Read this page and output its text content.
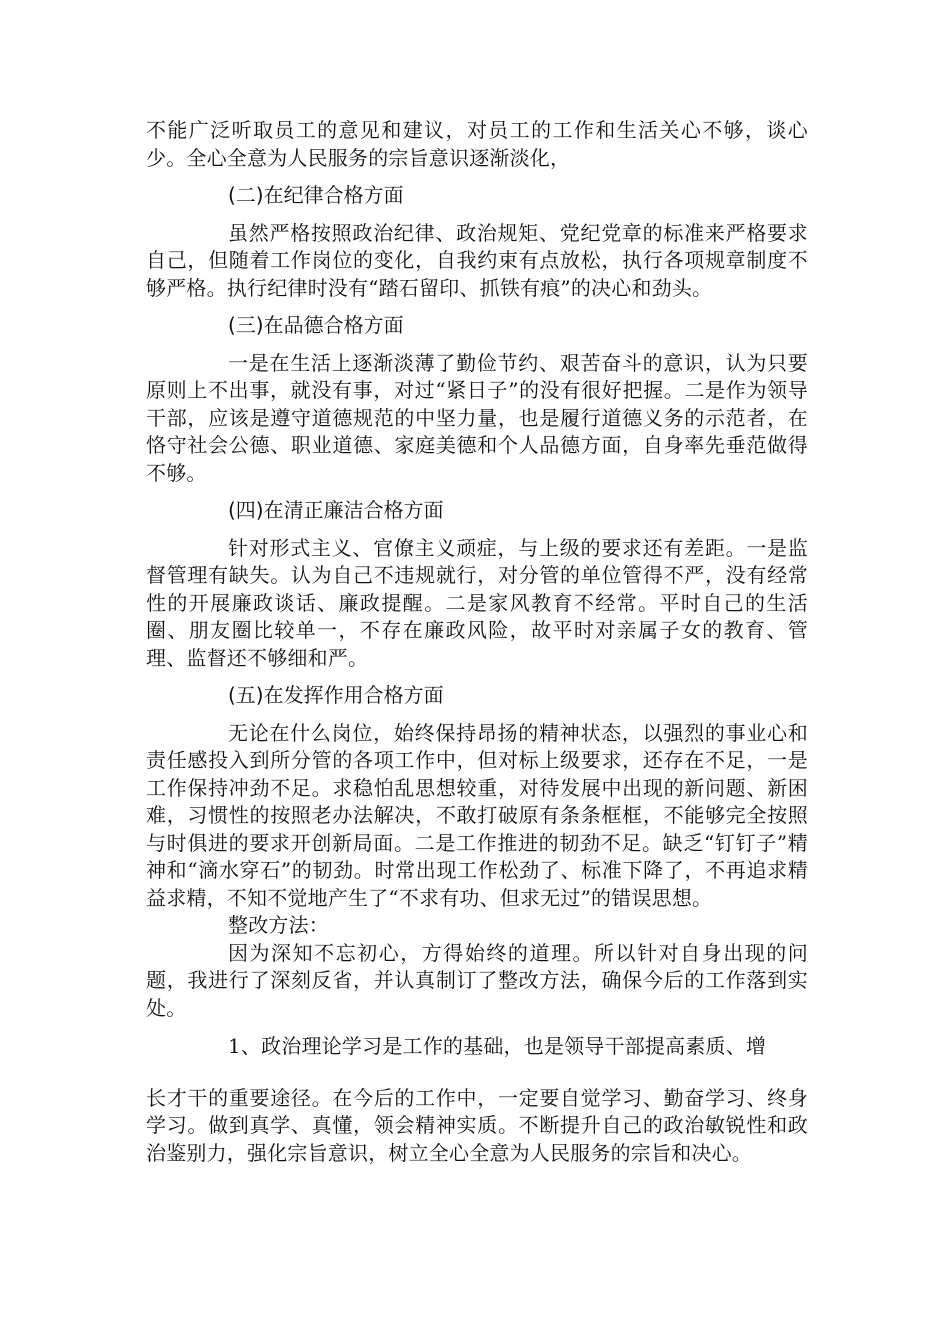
不能广泛听取员工的意见和建议，对员工的工作和生活关心不够，谈心少。全心全意为人民服务的宗旨意识逐渐淡化，

(二)在纪律合格方面

虽然严格按照政治纪律、政治规矩、党纪党章的标准来严格要求自己，但随着工作岗位的变化，自我约束有点放松，执行各项规章制度不够严格。执行纪律时没有“踏石留印、抓铁有痕”的决心和劲头。

(三)在品德合格方面

一是在生活上逐渐淡薄了勤俭节约、艰苦奋斗的意识，认为只要原则上不出事，就没有事，对过“紧日子”的没有很好把握。二是作为领导干部，应该是遵守道德规范的中坚力量，也是履行道德义务的示范者，在恪守社会公德、职业道德、家庭美德和个人品德方面，自身率先垂范做得不够。

(四)在清正廉洁合格方面

针对形式主义、官僚主义顽症，与上级的要求还有差距。一是监督管理有缺失。认为自己不违规就行，对分管的单位管得不严，没有经常性的开展廉政谈话、廉政提醒。二是家风教育不经常。平时自己的生活圈、朋友圈比较单一，不存在廉政风险，故平时对亲属子女的教育、管理、监督还不够细和严。

(五)在发挥作用合格方面

无论在什么岗位，始终保持昂扬的精神状态，以强烈的事业心和责任感投入到所分管的各项工作中，但对标上级要求，还存在不足，一是工作保持冲劲不足。求稳怕乱思想较重，对待发展中出现的新问题、新困难，习惯性的按照老办法解决，不敢打破原有条条框框，不能够完全按照与时俱进的要求开创新局面。二是工作推进的韧劲不足。缺乏“钉钉子”精神和“滴水穿石”的韧劲。时常出现工作松劲了、标准下降了，不再追求精益求精，不知不觉地产生了“不求有功、但求无过”的错误思想。

整改方法：

因为深知不忘初心，方得始终的道理。所以针对自身出现的问题，我进行了深刻反省，并认真制订了整改方法，确保今后的工作落到实处。

1、政治理论学习是工作的基础，也是领导干部提高素质、增

长才干的重要途径。在今后的工作中，一定要自觉学习、勤奋学习、终身学习。做到真学、真懂，领会精神实质。不断提升自己的政治敏锐性和政治鉴别力，强化宗旨意识，树立全心全意为人民服务的宗旨和决心。
